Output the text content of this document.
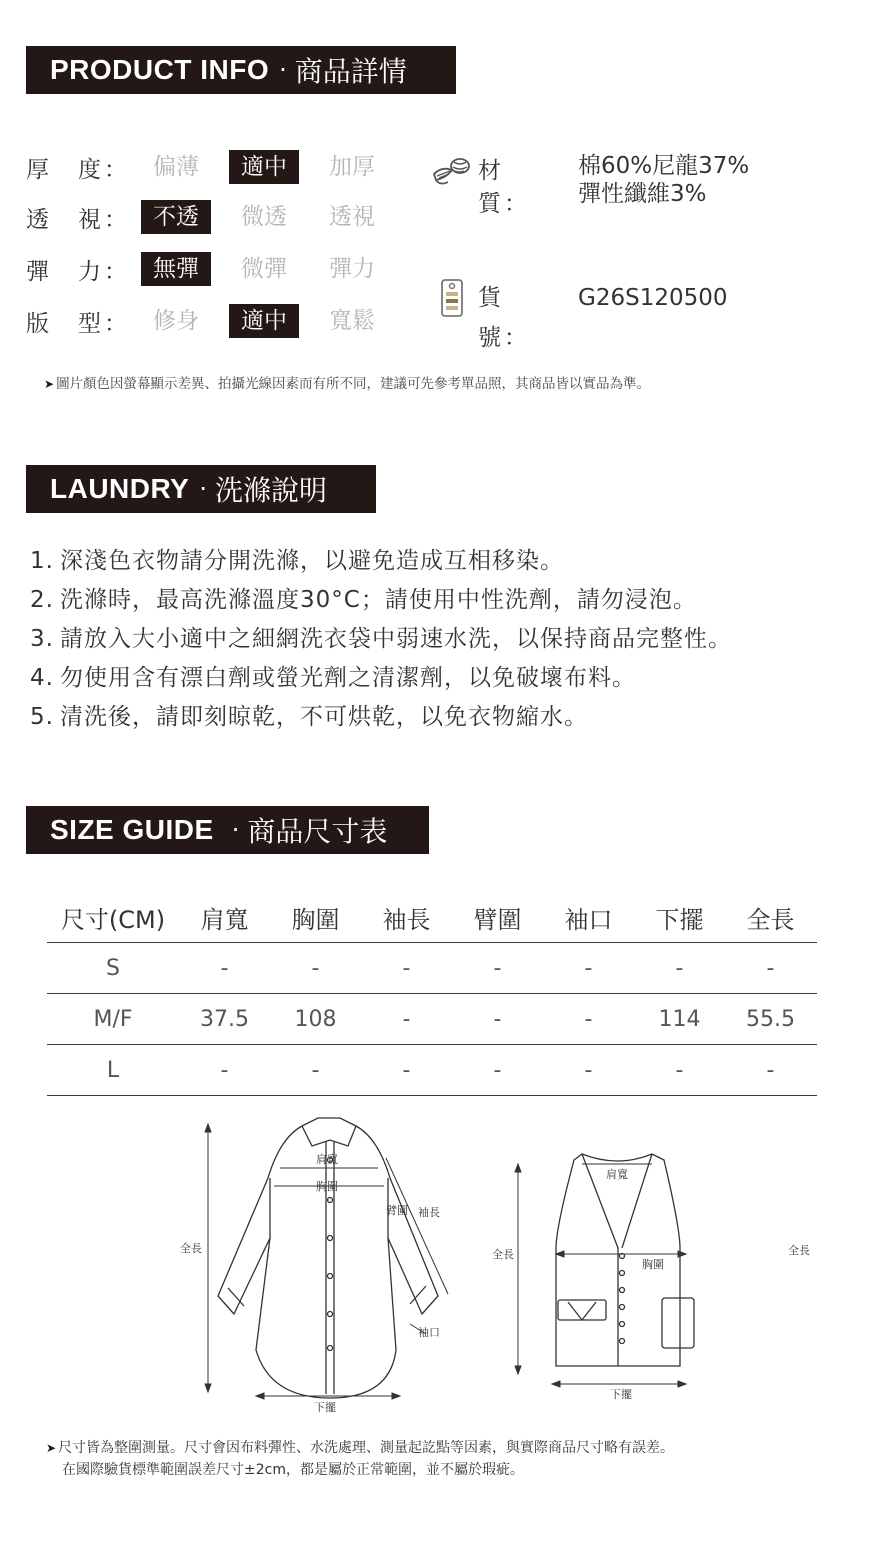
PRODUCT INFO · 商品詳情
厚　度：	偏薄	適中	加厚
透　視：	不透	微透	透視
彈　力：	無彈	微彈	彈力
版　型：	修身	適中	寬鬆
材　質：
棉60%尼龍37%
彈性纖維3%
貨　號：
G26S120500
➤ 圖片顏色因螢幕顯示差異、拍攝光線因素而有所不同，建議可先參考單品照，其商品皆以實品為準。
LAUNDRY · 洗滌說明
1. 深淺色衣物請分開洗滌，以避免造成互相移染。
2. 洗滌時，最高洗滌溫度30°C；請使用中性洗劑，請勿浸泡。
3. 請放入大小適中之細網洗衣袋中弱速水洗，以保持商品完整性。
4. 勿使用含有漂白劑或螢光劑之清潔劑，以免破壞布料。
5. 清洗後，請即刻晾乾，不可烘乾，以免衣物縮水。
SIZE GUIDE · 商品尺寸表
尺寸(CM)	肩寬	胸圍	袖長	臂圍	袖口	下擺	全長
S	-	-	-	-	-	-	-
M/F	37.5	108	-	-	-	114	55.5
L	-	-	-	-	-	-	-
全長
肩寬
胸圍
臂圍 袖長
袖口
下擺
全長
肩寬
胸圍
下擺
全長
➤ 尺寸皆為整圍測量。尺寸會因布料彈性、水洗處理、測量起訖點等因素，與實際商品尺寸略有誤差。
在國際驗貨標準範圍誤差尺寸±2cm，都是屬於正常範圍，並不屬於瑕疵。
